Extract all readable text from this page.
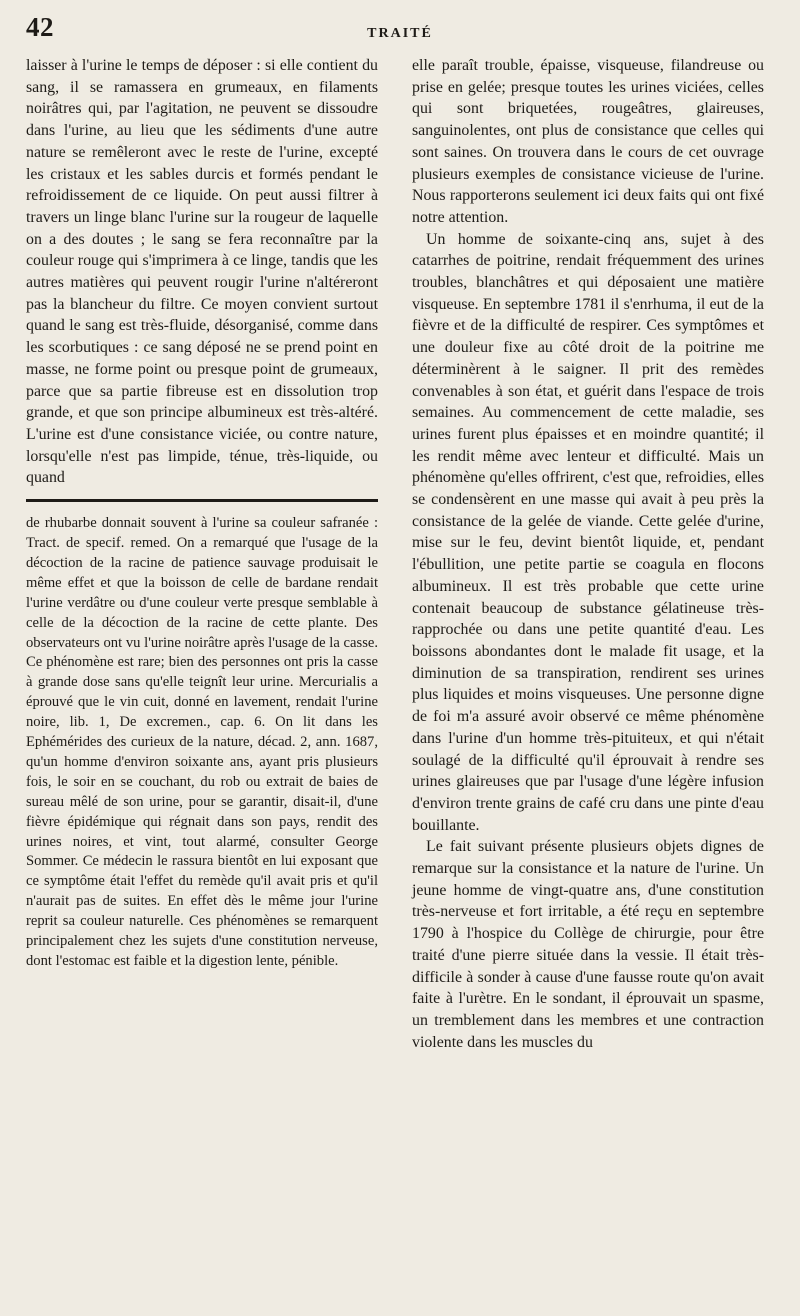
42	TRAITÉ

laisser à l'urine le temps de déposer : si elle contient du sang, il se ramassera en grumeaux, en filaments noirâtres qui, par l'agitation, ne peuvent se dissoudre dans l'urine, au lieu que les sédiments d'une autre nature se remêleront avec le reste de l'urine, excepté les cristaux et les sables durcis et formés pendant le refroidissement de ce liquide. On peut aussi filtrer à travers un linge blanc l'urine sur la rougeur de laquelle on a des doutes ; le sang se fera reconnaître par la couleur rouge qui s'imprimera à ce linge, tandis que les autres matières qui peuvent rougir l'urine n'altéreront pas la blancheur du filtre. Ce moyen convient surtout quand le sang est très-fluide, désorganisé, comme dans les scorbutiques : ce sang déposé ne se prend point en masse, ne forme point ou presque point de grumeaux, parce que sa partie fibreuse est en dissolution trop grande, et que son principe albumineux est très-altéré. L'urine est d'une consistance viciée, ou contre nature, lorsqu'elle n'est pas limpide, ténue, très-liquide, ou quand

de rhubarbe donnait souvent à l'urine sa couleur safranée : Tract. de specif. remed. On a remarqué que l'usage de la décoction de la racine de patience sauvage produisait le même effet et que la boisson de celle de bardane rendait l'urine verdâtre ou d'une couleur verte presque semblable à celle de la décoction de la racine de cette plante. Des observateurs ont vu l'urine noirâtre après l'usage de la casse. Ce phénomène est rare; bien des personnes ont pris la casse à grande dose sans qu'elle teignît leur urine. Mercurialis a éprouvé que le vin cuit, donné en lavement, rendait l'urine noire, lib. 1, De excremen., cap. 6. On lit dans les Ephémérides des curieux de la nature, décad. 2, ann. 1687, qu'un homme d'environ soixante ans, ayant pris plusieurs fois, le soir en se couchant, du rob ou extrait de baies de sureau mêlé de son urine, pour se garantir, disait-il, d'une fièvre épidémique qui régnait dans son pays, rendit des urines noires, et vint, tout alarmé, consulter George Sommer. Ce médecin le rassura bientôt en lui exposant que ce symptôme était l'effet du remède qu'il avait pris et qu'il n'aurait pas de suites. En effet dès le même jour l'urine reprit sa couleur naturelle. Ces phénomènes se remarquent principalement chez les sujets d'une constitution nerveuse, dont l'estomac est faible et la digestion lente, pénible.

elle paraît trouble, épaisse, visqueuse, filandreuse ou prise en gelée; presque toutes les urines viciées, celles qui sont briquetées, rougeâtres, glaireuses, sanguinolentes, ont plus de consistance que celles qui sont saines. On trouvera dans le cours de cet ouvrage plusieurs exemples de consistance vicieuse de l'urine. Nous rapporterons seulement ici deux faits qui ont fixé notre attention.

Un homme de soixante-cinq ans, sujet à des catarrhes de poitrine, rendait fréquemment des urines troubles, blanchâtres et qui déposaient une matière visqueuse. En septembre 1781 il s'enrhuma, il eut de la fièvre et de la difficulté de respirer. Ces symptômes et une douleur fixe au côté droit de la poitrine me déterminèrent à le saigner. Il prit des remèdes convenables à son état, et guérit dans l'espace de trois semaines. Au commencement de cette maladie, ses urines furent plus épaisses et en moindre quantité; il les rendit même avec lenteur et difficulté. Mais un phénomène qu'elles offrirent, c'est que, refroidies, elles se condensèrent en une masse qui avait à peu près la consistance de la gelée de viande. Cette gelée d'urine, mise sur le feu, devint bientôt liquide, et, pendant l'ébullition, une petite partie se coagula en flocons albumineux. Il est très probable que cette urine contenait beaucoup de substance gélatineuse très-rapprochée ou dans une petite quantité d'eau. Les boissons abondantes dont le malade fit usage, et la diminution de sa transpiration, rendirent ses urines plus liquides et moins visqueuses. Une personne digne de foi m'a assuré avoir observé ce même phénomène dans l'urine d'un homme très-pituiteux, et qui n'était soulagé de la difficulté qu'il éprouvait à rendre ses urines glaireuses que par l'usage d'une légère infusion d'environ trente grains de café cru dans une pinte d'eau bouillante.

Le fait suivant présente plusieurs objets dignes de remarque sur la consistance et la nature de l'urine. Un jeune homme de vingt-quatre ans, d'une constitution très-nerveuse et fort irritable, a été reçu en septembre 1790 à l'hospice du Collège de chirurgie, pour être traité d'une pierre située dans la vessie. Il était très-difficile à sonder à cause d'une fausse route qu'on avait faite à l'urètre. En le sondant, il éprouvait un spasme, un tremblement dans les membres et une contraction violente dans les muscles du
